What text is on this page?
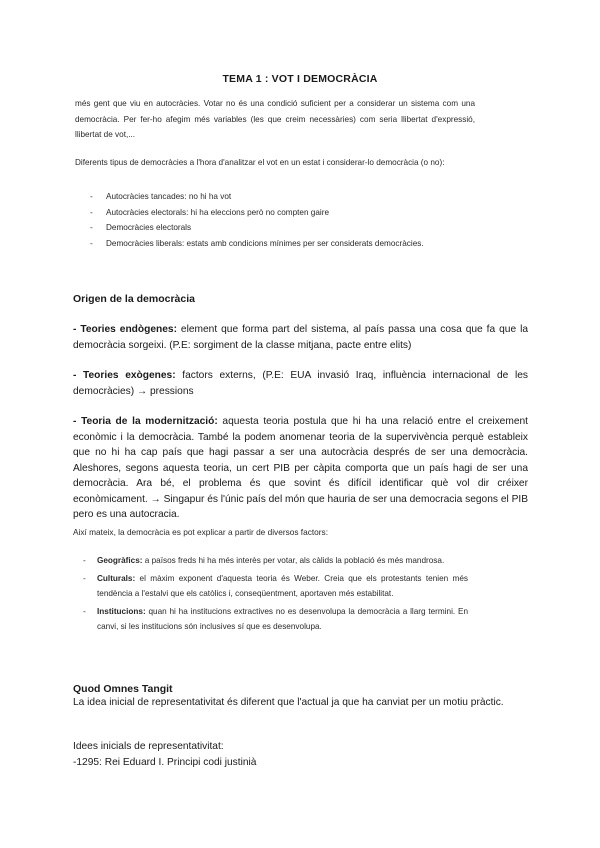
TEMA 1 : VOT I DEMOCRÀCIA
més gent que viu en autocràcies. Votar no és una condició suficient per a considerar un sistema com una democràcia. Per fer-ho afegim més variables (les que creim necessàries) com seria llibertat d'expressió, llibertat de vot,...
Diferents tipus de democràcies a l'hora d'analitzar el vot en un estat i considerar-lo democràcia (o no):
- Autocràcies tancades: no hi ha vot
- Autocràcies electorals: hi ha eleccions però no compten gaire
- Democràcies electorals
- Democràcies liberals: estats amb condicions mínimes per ser considerats democràcies.
Origen de la democràcia
- Teories endògenes: element que forma part del sistema, al país passa una cosa que fa que la democràcia sorgeixi. (P.E: sorgiment de la classe mitjana, pacte entre elits)
- Teories exògenes: factors externs, (P.E: EUA invasió Iraq, influència internacional de les democràcies) → pressions
- Teoria de la modernització: aquesta teoria postula que hi ha una relació entre el creixement econòmic i la democràcia. També la podem anomenar teoria de la supervivència perquè estableix que no hi ha cap país que hagi passar a ser una autocràcia després de ser una democràcia. Aleshores, segons aquesta teoria, un cert PIB per càpita comporta que un país hagi de ser una democràcia. Ara bé, el problema és que sovint és difícil identificar què vol dir créixer econòmicament. → Singapur és l'únic país del món que hauria de ser una democracia segons el PIB pero es una autocracia.
Així mateix, la democràcia es pot explicar a partir de diversos factors:
- Geogràfics: a països freds hi ha més interès per votar, als càlids la població és més mandrosa.
- Culturals: el màxim exponent d'aquesta teoria és Weber. Creia que els protestants tenien més tendència a l'estalvi que els catòlics i, conseqüentment, aportaven més estabilitat.
- Institucions: quan hi ha institucions extractives no es desenvolupa la democràcia a llarg termini. En canvi, si les institucions són inclusives sí que es desenvolupa.
Quod Omnes Tangit
La idea inicial de representativitat és diferent que l'actual ja que ha canviat per un motiu pràctic.
Idees inicials de representativitat:
-1295: Rei Eduard I. Principi codi justinià
